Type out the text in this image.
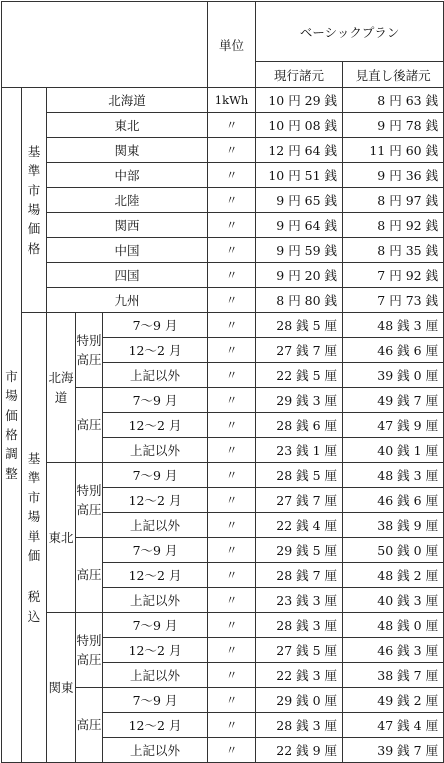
					単位	ベーシックプラン	
						現行諸元	見直し後諸元
市場価格調整	基準市場価格	北海道			1kWh	10 円 29 銭	8 円 63 銭
		東北			〃	10 円 08 銭	9 円 78 銭
		関東			〃	12 円 64 銭	11 円 60 銭
		中部			〃	10 円 51 銭	9 円 36 銭
		北陸			〃	9 円 65 銭	8 円 97 銭
		関西			〃	9 円 64 銭	8 円 92 銭
		中国			〃	9 円 59 銭	8 円 35 銭
		四国			〃	9 円 20 銭	7 円 92 銭
		九州			〃	8 円 80 銭	7 円 73 銭

	基準市場単価
税込	北海道	特別高圧	7～9 月	〃	28 銭 5 厘	48 銭 3 厘
				12～2 月	〃	27 銭 7 厘	46 銭 6 厘
				上記以外	〃	22 銭 5 厘	39 銭 0 厘
			高圧	7～9 月	〃	29 銭 3 厘	49 銭 7 厘
				12～2 月	〃	28 銭 6 厘	47 銭 9 厘
				上記以外	〃	23 銭 1 厘	40 銭 1 厘
		東北	特別高圧	7～9 月	〃	28 銭 5 厘	48 銭 3 厘
				12～2 月	〃	27 銭 7 厘	46 銭 6 厘
				上記以外	〃	22 銭 4 厘	38 銭 9 厘
			高圧	7～9 月	〃	29 銭 5 厘	50 銭 0 厘
				12～2 月	〃	28 銭 7 厘	48 銭 2 厘
				上記以外	〃	23 銭 3 厘	40 銭 3 厘
		関東	特別高圧	7～9 月	〃	28 銭 3 厘	48 銭 0 厘
				12～2 月	〃	27 銭 5 厘	46 銭 3 厘
				上記以外	〃	22 銭 3 厘	38 銭 7 厘
			高圧	7～9 月	〃	29 銭 0 厘	49 銭 2 厘
				12～2 月	〃	28 銭 3 厘	47 銭 4 厘
				上記以外	〃	22 銭 9 厘	39 銭 7 厘
